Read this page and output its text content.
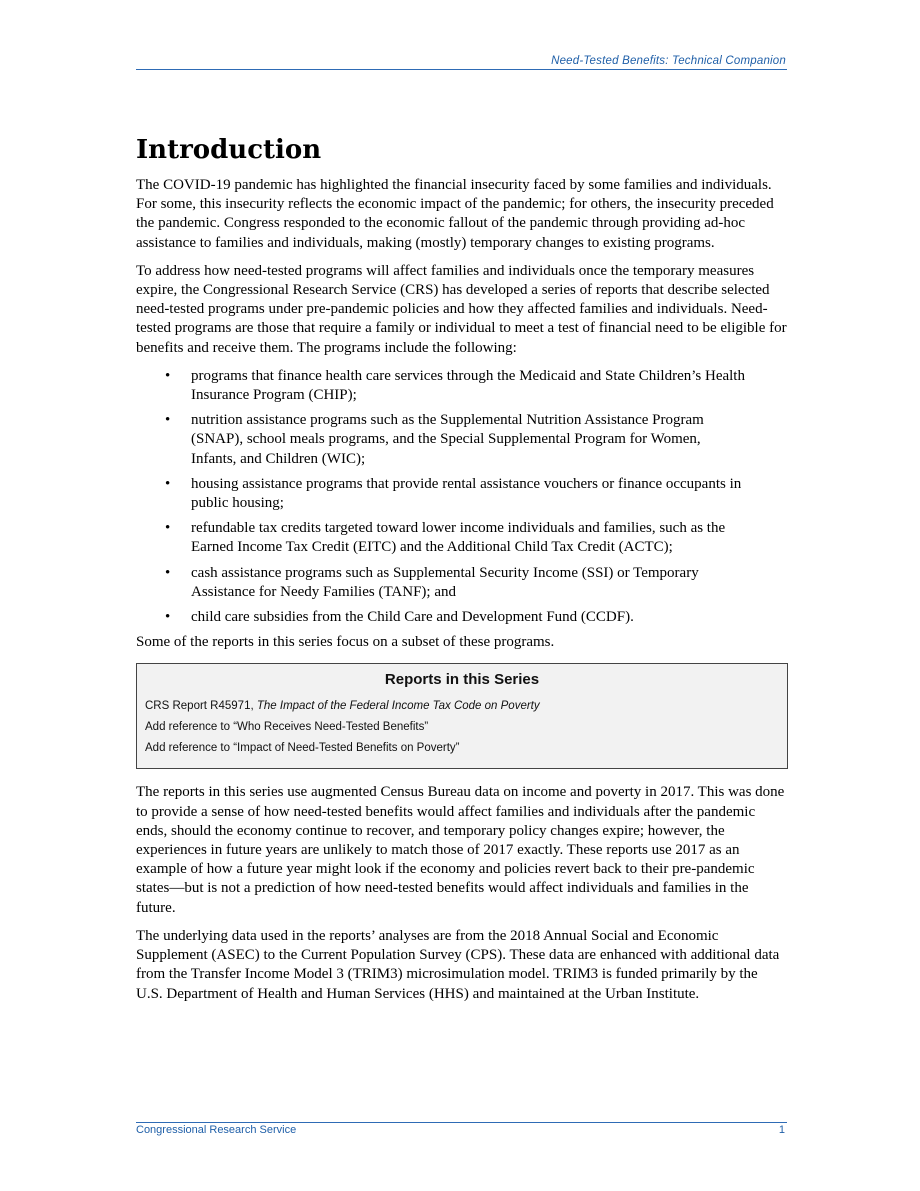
Need-Tested Benefits: Technical Companion
Introduction

The COVID-19 pandemic has highlighted the financial insecurity faced by some families and individuals. For some, this insecurity reflects the economic impact of the pandemic; for others, the insecurity preceded the pandemic. Congress responded to the economic fallout of the pandemic through providing ad-hoc assistance to families and individuals, making (mostly) temporary changes to existing programs.

To address how need-tested programs will affect families and individuals once the temporary measures expire, the Congressional Research Service (CRS) has developed a series of reports that describe selected need-tested programs under pre-pandemic policies and how they affected families and individuals. Need-tested programs are those that require a family or individual to meet a test of financial need to be eligible for benefits and receive them. The programs include the following:

• programs that finance health care services through the Medicaid and State Children’s Health Insurance Program (CHIP);
• nutrition assistance programs such as the Supplemental Nutrition Assistance Program (SNAP), school meals programs, and the Special Supplemental Program for Women, Infants, and Children (WIC);
• housing assistance programs that provide rental assistance vouchers or finance occupants in public housing;
• refundable tax credits targeted toward lower income individuals and families, such as the Earned Income Tax Credit (EITC) and the Additional Child Tax Credit (ACTC);
• cash assistance programs such as Supplemental Security Income (SSI) or Temporary Assistance for Needy Families (TANF); and
• child care subsidies from the Child Care and Development Fund (CCDF).

Some of the reports in this series focus on a subset of these programs.

Reports in this Series
CRS Report R45971, The Impact of the Federal Income Tax Code on Poverty
Add reference to “Who Receives Need-Tested Benefits”
Add reference to “Impact of Need-Tested Benefits on Poverty”

The reports in this series use augmented Census Bureau data on income and poverty in 2017. This was done to provide a sense of how need-tested benefits would affect families and individuals after the pandemic ends, should the economy continue to recover, and temporary policy changes expire; however, the experiences in future years are unlikely to match those of 2017 exactly. These reports use 2017 as an example of how a future year might look if the economy and policies revert back to their pre-pandemic states—but is not a prediction of how need-tested benefits would affect individuals and families in the future.

The underlying data used in the reports’ analyses are from the 2018 Annual Social and Economic Supplement (ASEC) to the Current Population Survey (CPS). These data are enhanced with additional data from the Transfer Income Model 3 (TRIM3) microsimulation model. TRIM3 is funded primarily by the U.S. Department of Health and Human Services (HHS) and maintained at the Urban Institute.

Congressional Research Service	1
